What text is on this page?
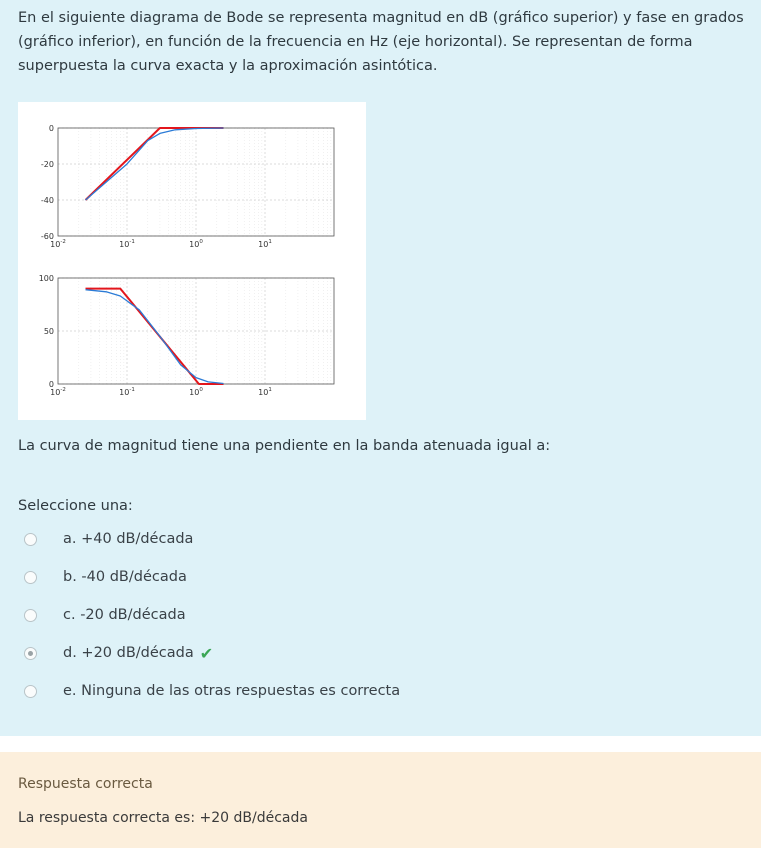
En el siguiente diagrama de Bode se representa magnitud en dB (gráfico superior) y fase en grados (gráfico inferior), en función de la frecuencia en Hz (eje horizontal). Se representan de forma superpuesta la curva exacta y la aproximación asintótica.

0
-20
-40
-60
$10^{-2}$	$10^{-1}$	$10^0$	$10^1$
100
50
0
$10^{-2}$	$10^{-1}$	$10^0$	$10^1$

La curva de magnitud tiene una pendiente en la banda atenuada igual a:

Seleccione una:

a. +40 dB/década
b. -40 dB/década
c. -20 dB/década
d. +20 dB/década ✔
e. Ninguna de las otras respuestas es correcta

Respuesta correcta

La respuesta correcta es: +20 dB/década
